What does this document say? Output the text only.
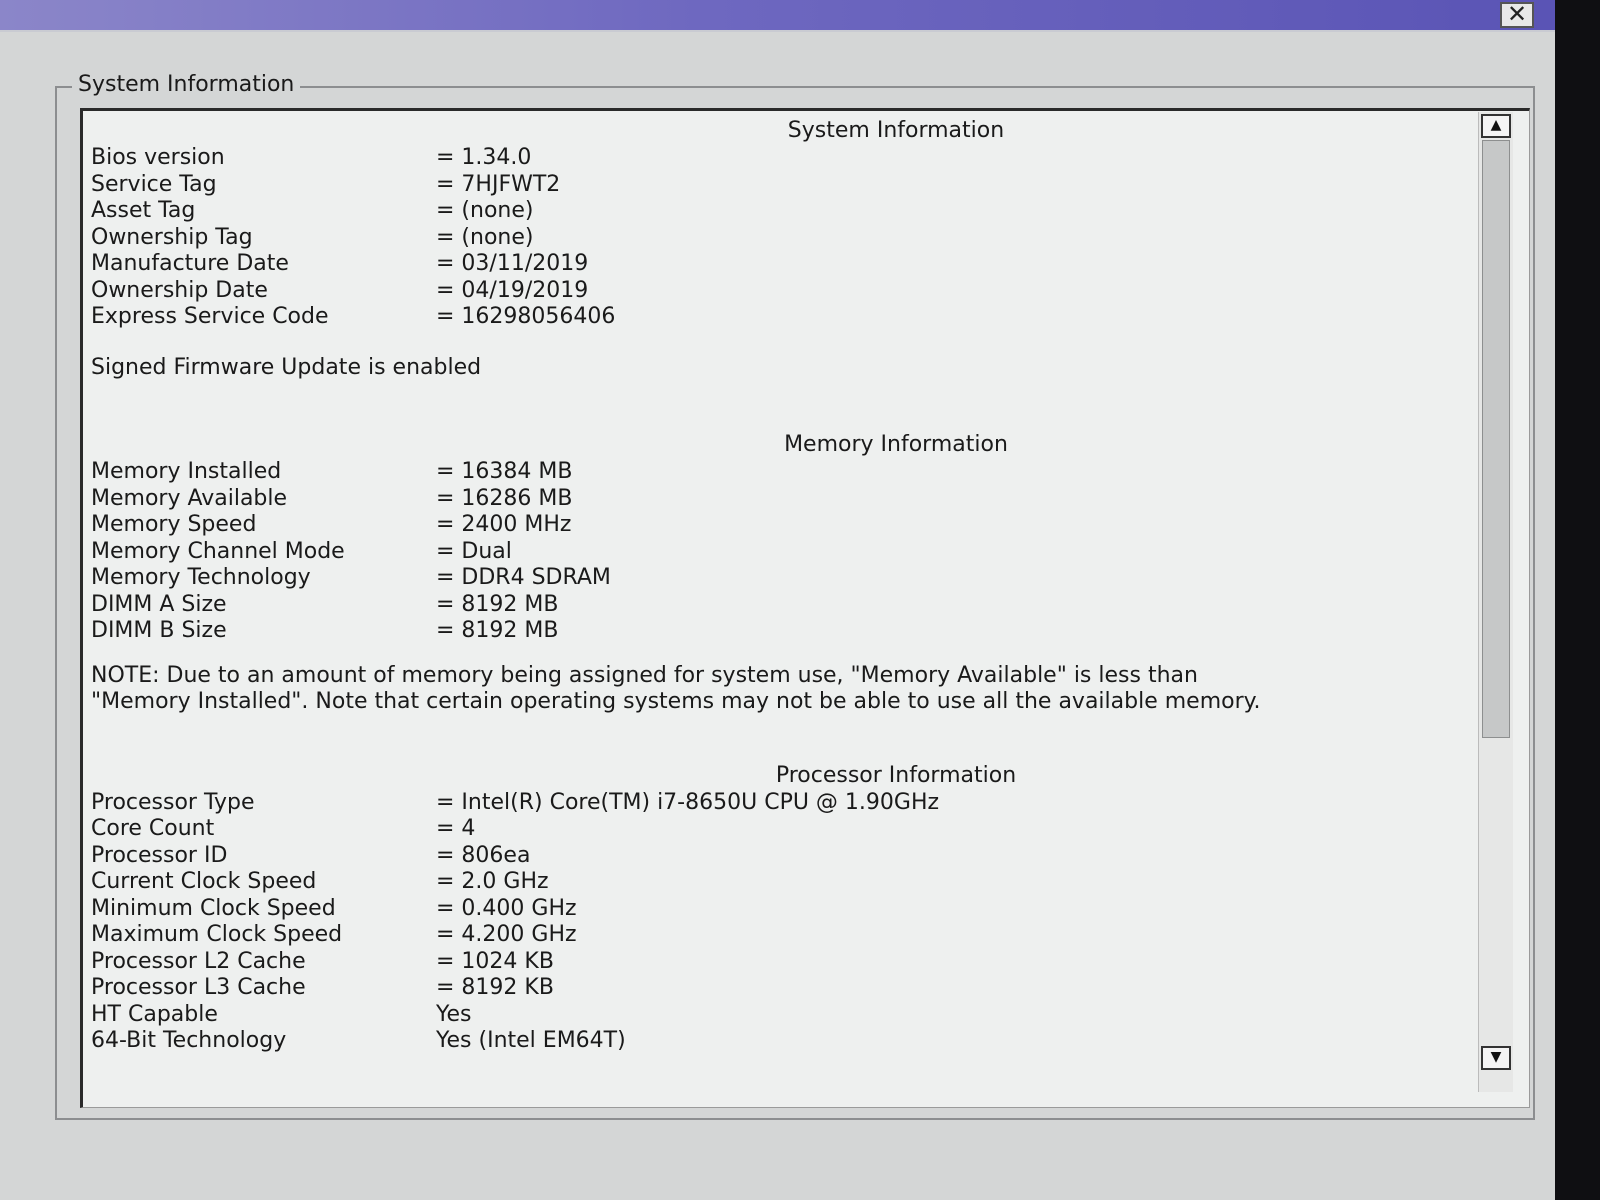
✕
System Information
System Information
Bios version	= 1.34.0
Service Tag	= 7HJFWT2
Asset Tag	= (none)
Ownership Tag	= (none)
Manufacture Date	= 03/11/2019
Ownership Date	= 04/19/2019
Express Service Code	= 16298056406
Signed Firmware Update is enabled
Memory Information
Memory Installed	= 16384 MB
Memory Available	= 16286 MB
Memory Speed	= 2400 MHz
Memory Channel Mode	= Dual
Memory Technology	= DDR4 SDRAM
DIMM A Size	= 8192 MB
DIMM B Size	= 8192 MB
NOTE: Due to an amount of memory being assigned for system use, "Memory Available" is less than "Memory Installed". Note that certain operating systems may not be able to use all the available memory.
Processor Information
Processor Type	= Intel(R) Core(TM) i7-8650U CPU @ 1.90GHz
Core Count	= 4
Processor ID	= 806ea
Current Clock Speed	= 2.0 GHz
Minimum Clock Speed	= 0.400 GHz
Maximum Clock Speed	= 4.200 GHz
Processor L2 Cache	= 1024 KB
Processor L3 Cache	= 8192 KB
HT Capable	Yes
64-Bit Technology	Yes (Intel EM64T)
▲
▼
